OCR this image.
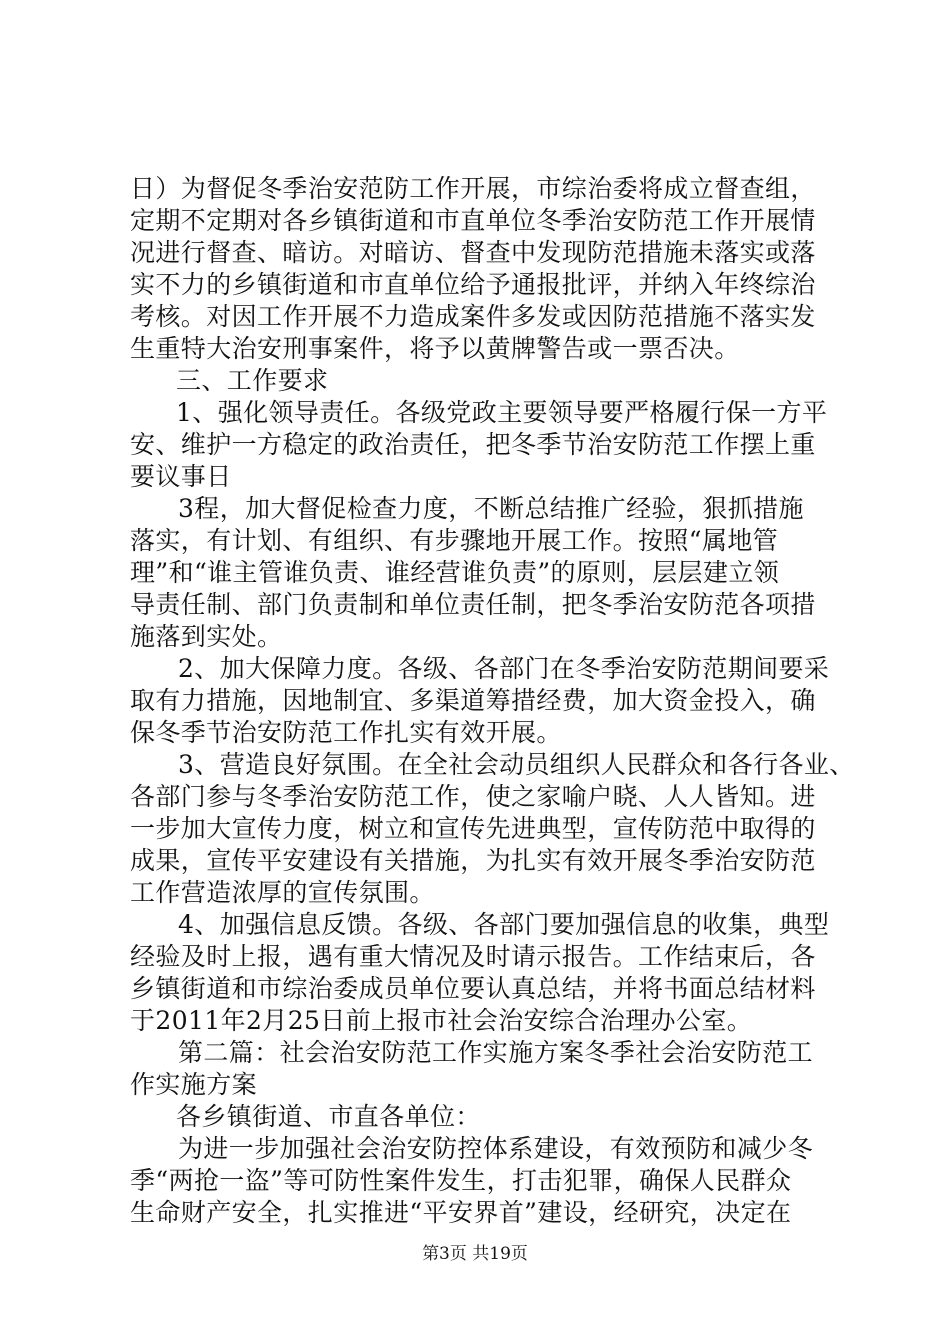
日）为督促冬季治安范防工作开展，市综治委将成立督查组，
定期不定期对各乡镇街道和市直单位冬季治安防范工作开展情
况进行督查、暗访。对暗访、督查中发现防范措施未落实或落
实不力的乡镇街道和市直单位给予通报批评，并纳入年终综治
考核。对因工作开展不力造成案件多发或因防范措施不落实发
生重特大治安刑事案件，将予以黄牌警告或一票否决。
三、工作要求
1、强化领导责任。各级党政主要领导要严格履行保一方平
安、维护一方稳定的政治责任，把冬季节治安防范工作摆上重
要议事日
3程，加大督促检查力度，不断总结推广经验，狠抓措施
落实，有计划、有组织、有步骤地开展工作。按照“属地管
理”和“谁主管谁负责、谁经营谁负责”的原则，层层建立领
导责任制、部门负责制和单位责任制，把冬季治安防范各项措
施落到实处。
2、加大保障力度。各级、各部门在冬季治安防范期间要采
取有力措施，因地制宜、多渠道筹措经费，加大资金投入，确
保冬季节治安防范工作扎实有效开展。
3、营造良好氛围。在全社会动员组织人民群众和各行各业、
各部门参与冬季治安防范工作，使之家喻户晓、人人皆知。进
一步加大宣传力度，树立和宣传先进典型，宣传防范中取得的
成果，宣传平安建设有关措施，为扎实有效开展冬季治安防范
工作营造浓厚的宣传氛围。
4、加强信息反馈。各级、各部门要加强信息的收集，典型
经验及时上报，遇有重大情况及时请示报告。工作结束后，各
乡镇街道和市综治委成员单位要认真总结，并将书面总结材料
于2011年2月25日前上报市社会治安综合治理办公室。
第二篇：社会治安防范工作实施方案冬季社会治安防范工
作实施方案
各乡镇街道、市直各单位：
为进一步加强社会治安防控体系建设，有效预防和减少冬
季“两抢一盗”等可防性案件发生，打击犯罪，确保人民群众
生命财产安全，扎实推进“平安界首”建设，经研究，决定在
第3页 共19页
